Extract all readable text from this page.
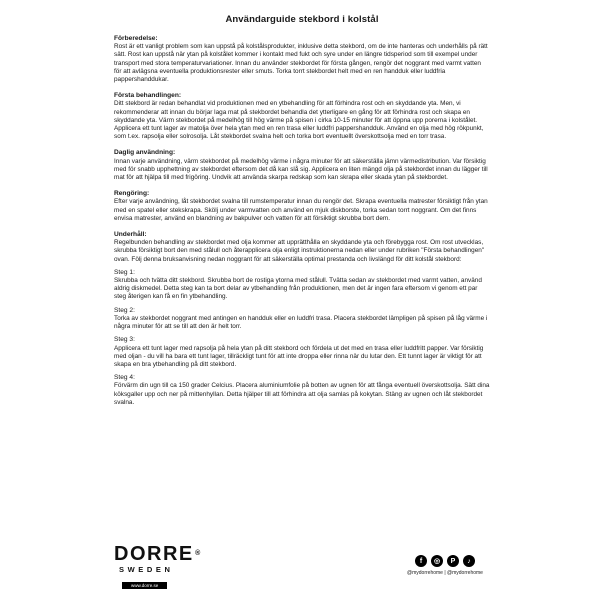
Användarguide stekbord i kolstål
Förberedelse:

Rost är ett vanligt problem som kan uppstå på kolstålsprodukter, inklusive detta stekbord, om de inte hanteras och underhålls på rätt sätt. Rost kan uppstå när ytan på kolstålet kommer i kontakt med fukt och syre under en längre tidsperiod som till exempel under transport med stora temperaturvariationer. Innan du använder stekbordet för första gången, rengör det noggrant med varmt vatten för att avlägsna eventuella produktionsrester eller smuts. Torka torrt stekbordet helt med en ren handduk eller luddfria pappershanddukar.

Första behandlingen:

Ditt stekbord är redan behandlat vid produktionen med en ytbehandling för att förhindra rost och en skyddande yta. Men, vi rekommenderar att innan du börjar laga mat på stekbordet behandla det ytterligare en gång för att förhindra rost och skapa en skyddande yta. Värm stekbordet på medelhög till hög värme på spisen i cirka 10-15 minuter för att öppna upp porerna i kolstålet. Applicera ett tunt lager av matolja över hela ytan med en ren trasa eller luddfri pappershandduk. Använd en olja med hög rökpunkt, som t.ex. rapsolja eller solrosolja. Låt stekbordet svalna helt och torka bort eventuellt överskottsolja med en torr trasa.

Daglig användning:

Innan varje användning, värm stekbordet på medelhög värme i några minuter för att säkerställa jämn värmedistribution. Var försiktig med för snabb upphettning av stekbordet eftersom det då kan slå sig. Applicera en liten mängd olja på stekbordet innan du lägger till mat för att hjälpa till med frigöring. Undvik att använda skarpa redskap som kan skrapa eller skada ytan på stekbordet.

Rengöring:

Efter varje användning, låt stekbordet svalna till rumstemperatur innan du rengör det. Skrapa eventuella matrester försiktigt från ytan med en spatel eller stekskrapa. Skölj under varmvatten och använd en mjuk diskborste, torka sedan torrt noggrant. Om det finns envisa matrester, använd en blandning av bakpulver och vatten för att försiktigt skrubba bort dem.

Underhåll:

Regelbunden behandling av stekbordet med olja kommer att upprätthålla en skyddande yta och förebygga rost. Om rost utvecklas, skrubba försiktigt bort den med stålull och återapplicera olja enligt instruktionerna nedan eller under rubriken "Första behandlingen" ovan. Följ denna bruksanvisning nedan noggrant för att säkerställa optimal prestanda och livslängd för ditt kolstål stekbord:

Steg 1:

Skrubba och tvätta ditt stekbord. Skrubba bort de rostiga ytorna med stålull. Tvätta sedan av stekbordet med varmt vatten, använd aldrig diskmedel. Detta steg kan ta bort delar av ytbehandling från produktionen, men det är ingen fara eftersom vi genom ett par steg återigen kan få en fin ytbehandling.

Steg 2:

Torka av stekbordet noggrant med antingen en handduk eller en luddfri trasa. Placera stekbordet lämpligen på spisen på låg värme i några minuter för att se till att den är helt torr.

Steg 3:

Applicera ett tunt lager med rapsolja på hela ytan på ditt stekbord och fördela ut det med en trasa eller luddfritt papper. Var försiktig med oljan - du vill ha bara ett tunt lager, tillräckligt tunt för att inte droppa eller rinna när du lutar den. Ett tunnt lager är viktigt för att skapa en bra ytbehandling på ditt stekbord.

Steg 4:

Förvärm din ugn till ca 150 grader Celcius. Placera aluminiumfolie på botten av ugnen för att fånga eventuell överskottsolja. Sätt dina köksgaller upp och ner på mittenhyllan. Detta hjälper till att förhindra att olja samlas på kokytan. Stäng av ugnen och låt stekbordet svalna.

DORRE ®
SWEDEN
www.dorre.se
f	◎	P	♪
@mydorrehome | @mydorrehome
